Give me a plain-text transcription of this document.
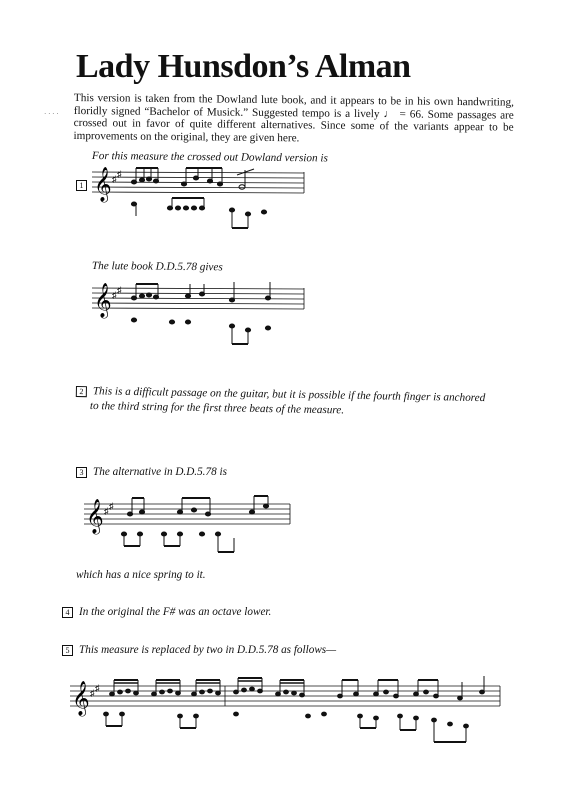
Lady Hunsdon’s Alman
· · · ·

This version is taken from the Dowland lute book, and it appears to be in his own handwriting, floridly signed “Bachelor of Musick.” Suggested tempo is a lively ♩ = 66. Some passages are crossed out in favor of quite different alternatives. Since some of the variants appear to be improvements on the original, they are given here.

For this measure the crossed out Dowland version is
1 𝄞 ♯ ♯
The lute book D.D.5.78 gives
𝄞 ♯ ♯
2 This is a difficult passage on the guitar, but it is possible if the fourth finger is anchored
to the third string for the first three beats of the measure.
3 The alternative in D.D.5.78 is
𝄞 ♯ ♯
which has a nice spring to it.
4 In the original the F# was an octave lower.
5 This measure is replaced by two in D.D.5.78 as follows—
𝄞 ♯ ♯
